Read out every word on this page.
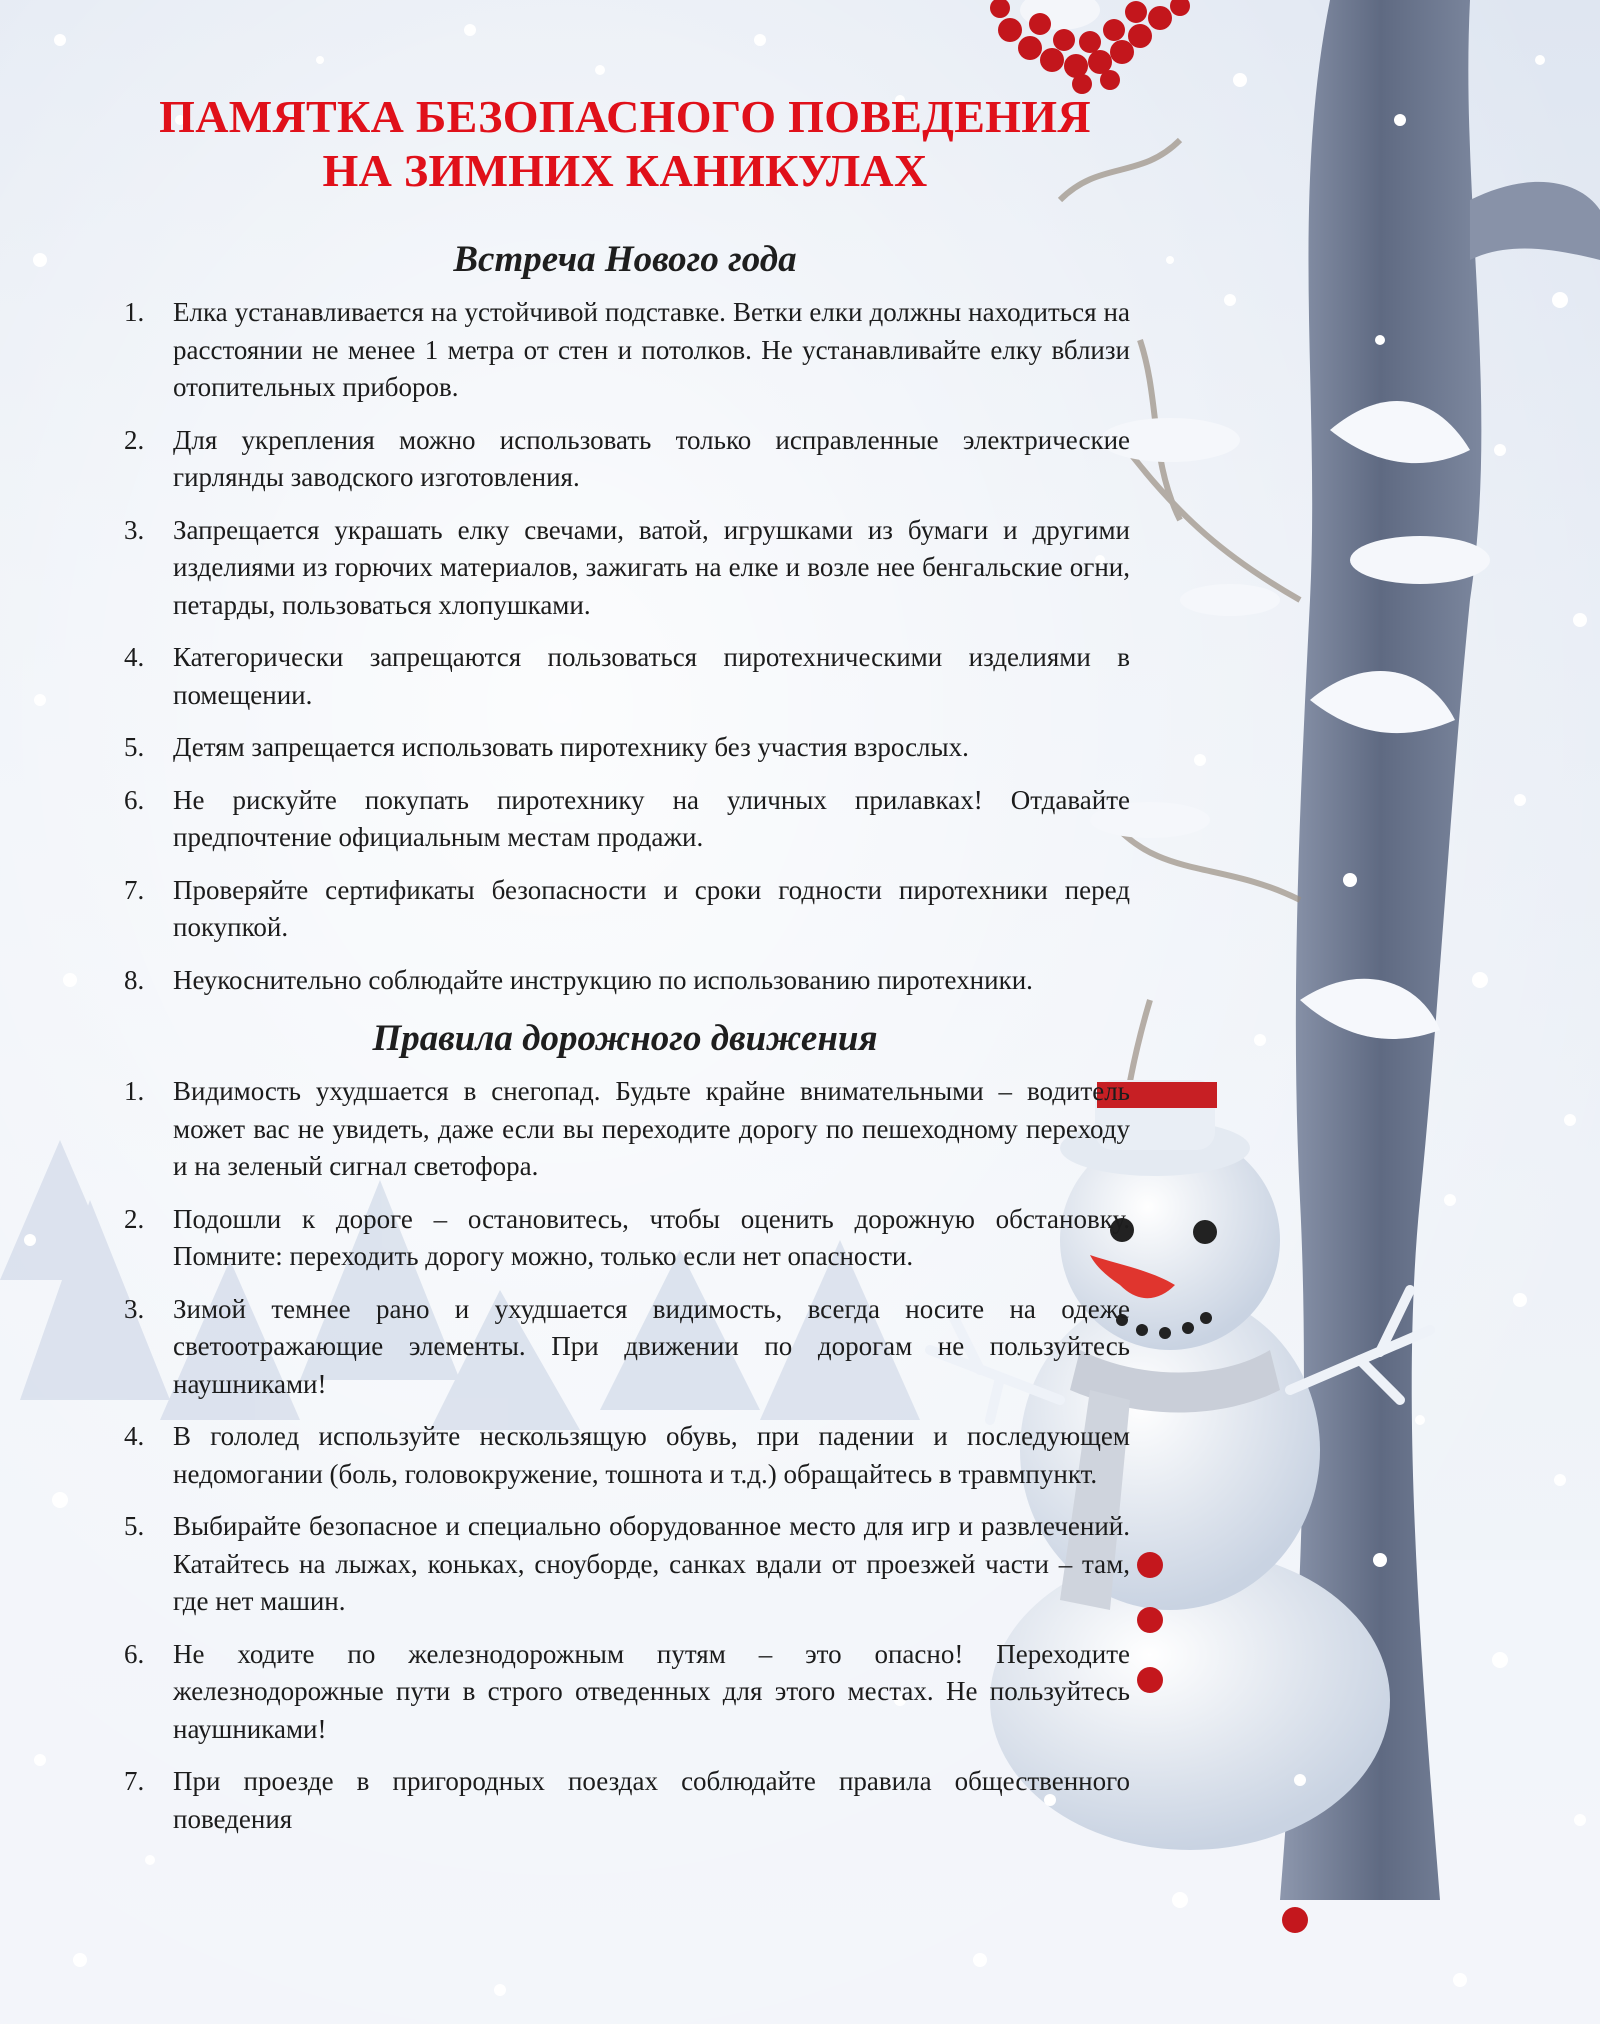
ПАМЯТКА БЕЗОПАСНОГО ПОВЕДЕНИЯ
НА ЗИМНИХ КАНИКУЛАХ
Встреча Нового года
1. Елка устанавливается на устойчивой подставке. Ветки елки должны находиться на расстоянии не менее 1 метра от стен и потолков. Не устанавливайте елку вблизи отопительных приборов.
2. Для укрепления можно использовать только исправленные электрические гирлянды заводского изготовления.
3. Запрещается украшать елку свечами, ватой, игрушками из бумаги и другими изделиями из горючих материалов, зажигать на елке и возле нее бенгальские огни, петарды, пользоваться хлопушками.
4. Категорически запрещаются пользоваться пиротехническими изделиями в помещении.
5. Детям запрещается использовать пиротехнику без участия взрослых.
6. Не рискуйте покупать пиротехнику на уличных прилавках! Отдавайте предпочтение официальным местам продажи.
7. Проверяйте сертификаты безопасности и сроки годности пиротехники перед покупкой.
8. Неукоснительно соблюдайте инструкцию по использованию пиротехники.
Правила дорожного движения
1. Видимость ухудшается в снегопад. Будьте крайне внимательными – водитель может вас не увидеть, даже если вы переходите дорогу по пешеходному переходу и на зеленый сигнал светофора.
2. Подошли к дороге – остановитесь, чтобы оценить дорожную обстановку. Помните: переходить дорогу можно, только если нет опасности.
3. Зимой темнее рано и ухудшается видимость, всегда носите на одеже светоотражающие элементы. При движении по дорогам не пользуйтесь наушниками!
4. В гололед используйте нескользящую обувь, при падении и последующем недомогании (боль, головокружение, тошнота и т.д.) обращайтесь в травмпункт.
5. Выбирайте безопасное и специально оборудованное место для игр и развлечений. Катайтесь на лыжах, коньках, сноуборде, санках вдали от проезжей части – там, где нет машин.
6. Не ходите по железнодорожным путям – это опасно! Переходите железнодорожные пути в строго отведенных для этого местах. Не пользуйтесь наушниками!
7. При проезде в пригородных поездах соблюдайте правила общественного поведения
